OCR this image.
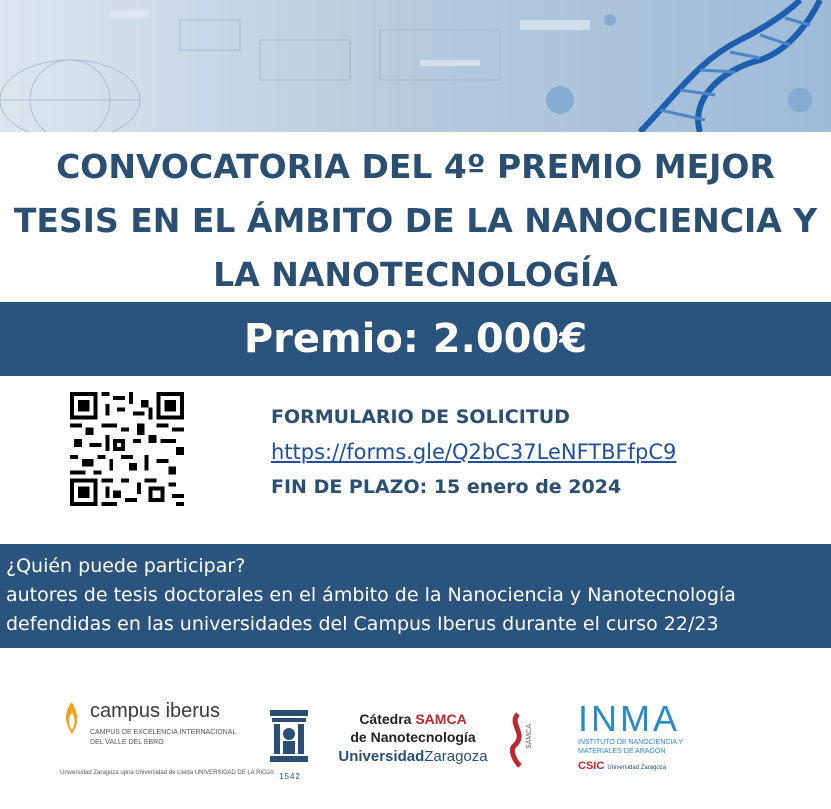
CONVOCATORIA DEL 4º PREMIO MEJOR
TESIS EN EL ÁMBITO DE LA NANOCIENCIA Y
LA NANOTECNOLOGÍA
Premio: 2.000€
FORMULARIO DE SOLICITUD
https://forms.gle/Q2bC37LeNFTBFfpC9
FIN DE PLAZO: 15 enero de 2024
¿Quién puede participar?
autores de tesis doctorales en el ámbito de la Nanociencia y Nanotecnología
defendidas en las universidades del Campus Iberus durante el curso 22/23
campus iberus
CAMPUS DE EXCELENCIA INTERNACIONAL DEL VALLE DEL EBRO
Universidad Zaragoza upna Universidad de Lleida UNIVERSIDAD DE LA RIOJA 1542
Cátedra SAMCA
de Nanotecnología
UniversidadZaragoza
SAMCA INMA
INSTITUTO DE NANOCIENCIA Y MATERIALES DE ARAGÓN
CSIC Universidad Zaragoza
